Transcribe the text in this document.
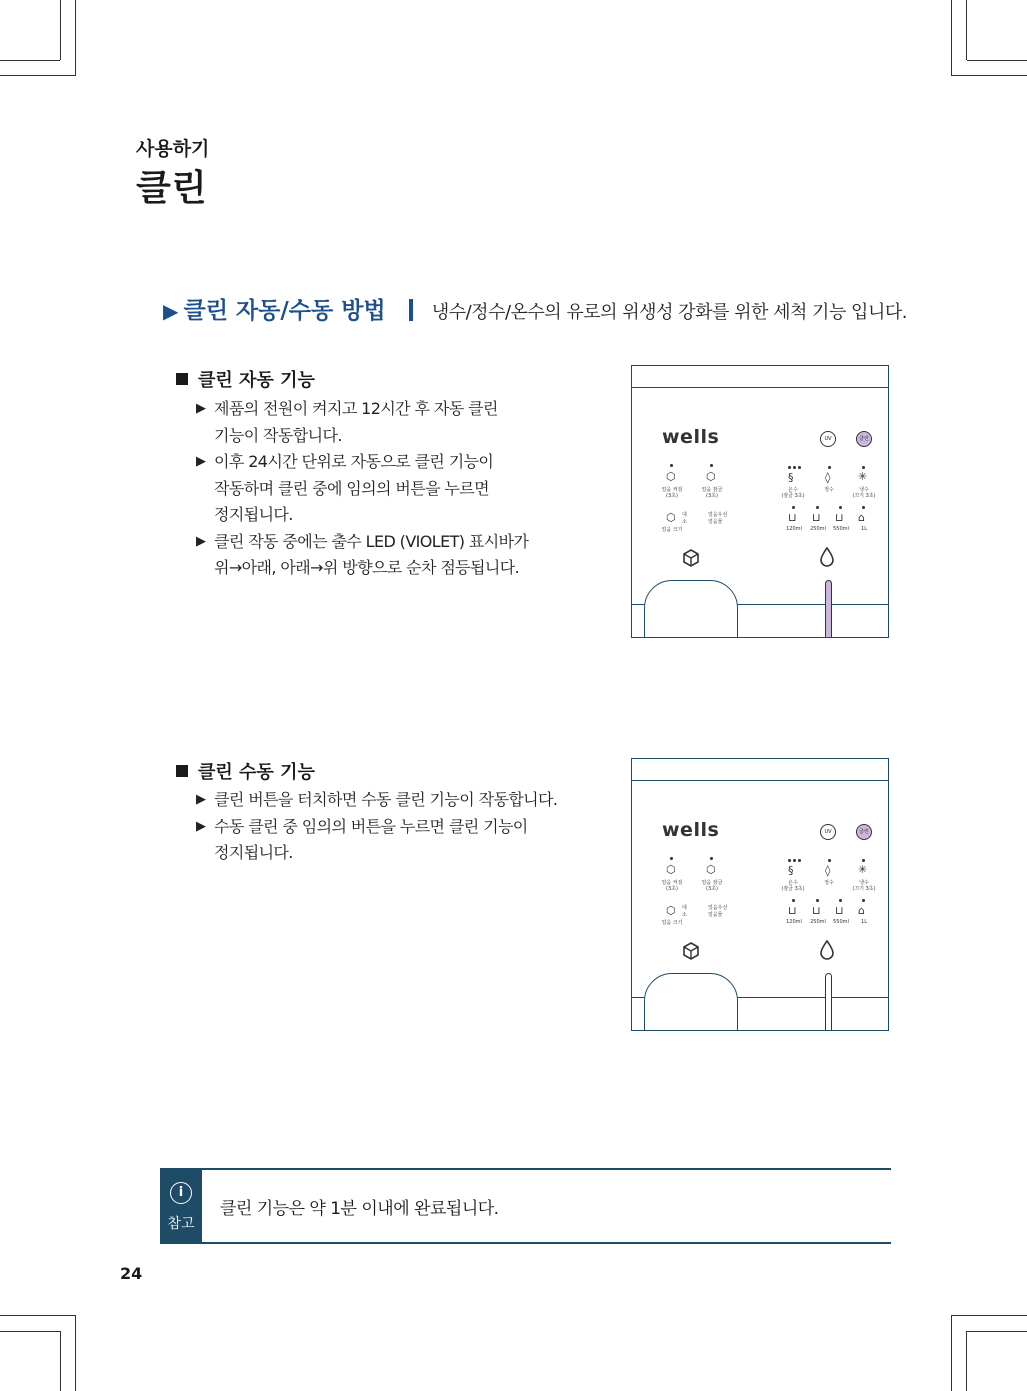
사용하기
클린
▶ 클린 자동/수동 방법	냉수/정수/온수의 유로의 위생성 강화를 위한 세척 기능 입니다.
클린 자동 기능
▶ 제품의 전원이 켜지고 12시간 후 자동 클린
기능이 작동합니다.
▶ 이후 24시간 단위로 자동으로 클린 기능이
작동하며 클린 중에 임의의 버튼을 누르면
정지됩니다.
▶ 클린 작동 중에는 출수 LED (VIOLET) 표시바가
위→아래, 아래→위 방향으로 순차 점등됩니다.
클린 수동 기능
▶ 클린 버튼을 터치하면 수동 클린 기능이 작동합니다.
▶ 수동 클린 중 임의의 버튼을 누르면 클린 기능이
정지됩니다.
wells	UV	클린
⬡
얼음 켜짐
(3초)
⬡
얼음 잠금
(3초)
⬡ 대
소
얼음우선
얼음물
얼음 크기
§
온수
(잠금 3초)
◊
정수
✳
냉수
(끄기 3초)
⊔
120ml
⊔
250ml
⊔
550ml
⌂
1L
wells	UV	클린
⬡
얼음 켜짐
(3초)
⬡
얼음 잠금
(3초)
⬡ 대
소
얼음우선
얼음물
얼음 크기
§
온수
(잠금 3초)
◊
정수
✳
냉수
(끄기 3초)
⊔
120ml
⊔
250ml
⊔
550ml
⌂
1L
i
참고
클린 기능은 약 1분 이내에 완료됩니다.
24
